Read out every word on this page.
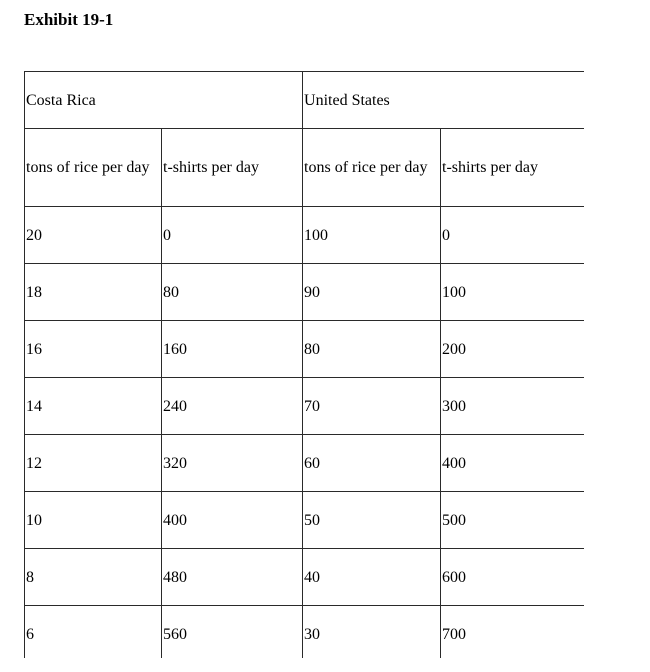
Exhibit 19-1
Costa Rica		United States	

tons of rice per day	t-shirts per day	tons of rice per day	t-shirts per day

20	0	100	0
18	80	90	100
16	160	80	200
14	240	70	300
12	320	60	400
10	400	50	500
8	480	40	600
6	560	30	700
